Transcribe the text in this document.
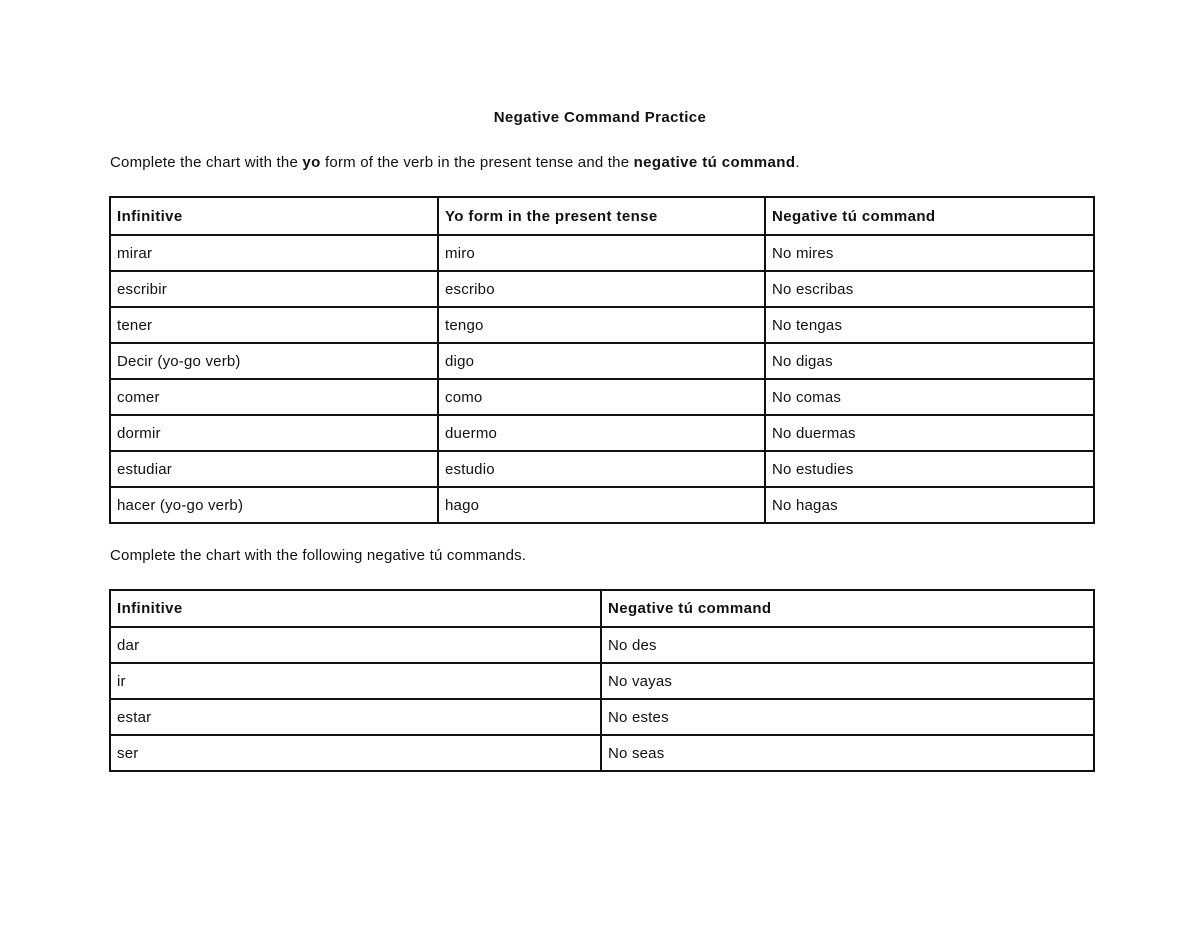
Negative Command Practice
Complete the chart with the yo form of the verb in the present tense and the negative tú command.
Infinitive	Yo form in the present tense	Negative tú command
mirar	miro	No mires
escribir	escribo	No escribas
tener	tengo	No tengas
Decir (yo-go verb)	digo	No digas
comer	como	No comas
dormir	duermo	No duermas
estudiar	estudio	No estudies
hacer (yo-go verb)	hago	No hagas
Complete the chart with the following negative tú commands.
Infinitive	Negative tú command
dar	No des
ir	No vayas
estar	No estes
ser	No seas
